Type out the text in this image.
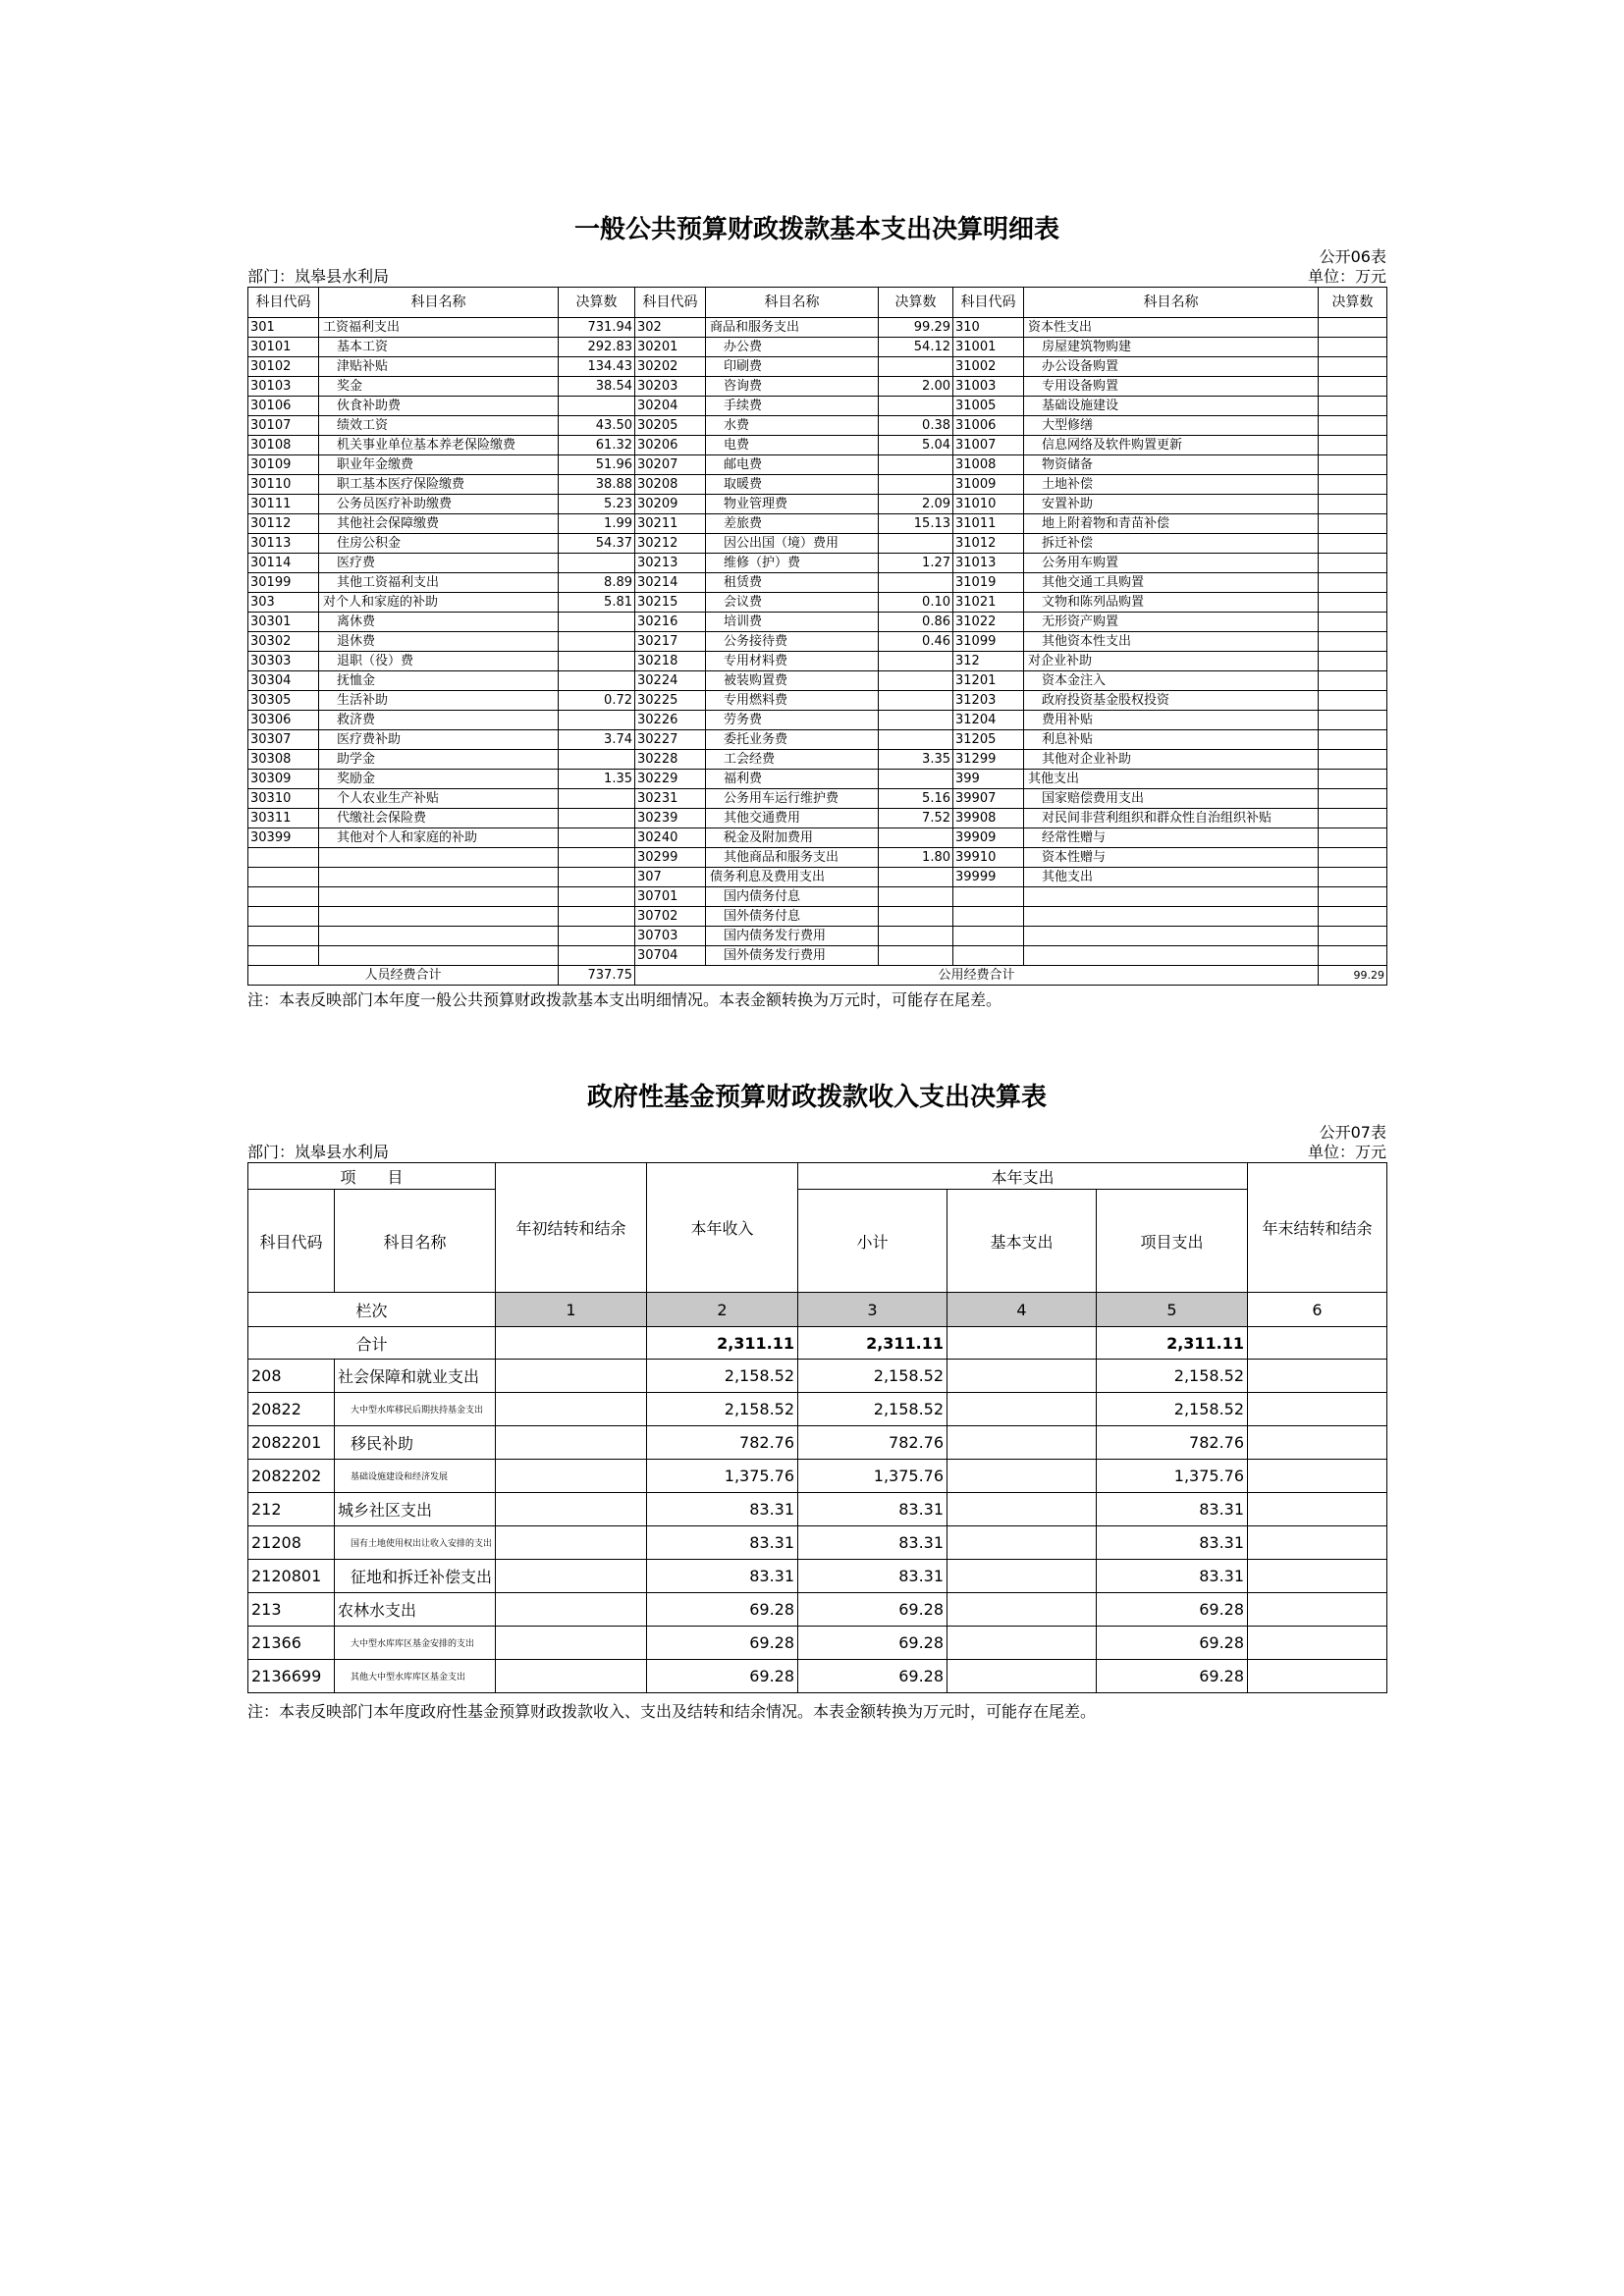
一般公共预算财政拨款基本支出决算明细表
公开06表
部门：岚皋县水利局	单位：万元
科目代码	科目名称	决算数	科目代码	科目名称	决算数	科目代码	科目名称	决算数
301	工资福利支出	731.94	302	商品和服务支出	99.29	310	资本性支出	
30101	基本工资	292.83	30201	办公费	54.12	31001	房屋建筑物购建	
30102	津贴补贴	134.43	30202	印刷费		31002	办公设备购置	
30103	奖金	38.54	30203	咨询费	2.00	31003	专用设备购置	
30106	伙食补助费		30204	手续费		31005	基础设施建设	
30107	绩效工资	43.50	30205	水费	0.38	31006	大型修缮	
30108	机关事业单位基本养老保险缴费	61.32	30206	电费	5.04	31007	信息网络及软件购置更新	
30109	职业年金缴费	51.96	30207	邮电费		31008	物资储备	
30110	职工基本医疗保险缴费	38.88	30208	取暖费		31009	土地补偿	
30111	公务员医疗补助缴费	5.23	30209	物业管理费	2.09	31010	安置补助	
30112	其他社会保障缴费	1.99	30211	差旅费	15.13	31011	地上附着物和青苗补偿	
30113	住房公积金	54.37	30212	因公出国（境）费用		31012	拆迁补偿	
30114	医疗费		30213	维修（护）费	1.27	31013	公务用车购置	
30199	其他工资福利支出	8.89	30214	租赁费		31019	其他交通工具购置	
303	对个人和家庭的补助	5.81	30215	会议费	0.10	31021	文物和陈列品购置	
30301	离休费		30216	培训费	0.86	31022	无形资产购置	
30302	退休费		30217	公务接待费	0.46	31099	其他资本性支出	
30303	退职（役）费		30218	专用材料费		312	对企业补助	
30304	抚恤金		30224	被装购置费		31201	资本金注入	
30305	生活补助	0.72	30225	专用燃料费		31203	政府投资基金股权投资	
30306	救济费		30226	劳务费		31204	费用补贴	
30307	医疗费补助	3.74	30227	委托业务费		31205	利息补贴	
30308	助学金		30228	工会经费	3.35	31299	其他对企业补助	
30309	奖励金	1.35	30229	福利费		399	其他支出	
30310	个人农业生产补贴		30231	公务用车运行维护费	5.16	39907	国家赔偿费用支出	
30311	代缴社会保险费		30239	其他交通费用	7.52	39908	对民间非营利组织和群众性自治组织补贴	
30399	其他对个人和家庭的补助		30240	税金及附加费用		39909	经常性赠与	
			30299	其他商品和服务支出	1.80	39910	资本性赠与	
			307	债务利息及费用支出		39999	其他支出	
			30701	国内债务付息				
			30702	国外债务付息				
			30703	国内债务发行费用				
			30704	国外债务发行费用				
人员经费合计		737.75	公用经费合计					99.29
注：本表反映部门本年度一般公共预算财政拨款基本支出明细情况。本表金额转换为万元时，可能存在尾差。
政府性基金预算财政拨款收入支出决算表
公开07表
部门：岚皋县水利局	单位：万元
项　　目		年初结转和结余	本年收入	本年支出			年末结转和结余
科目代码	科目名称			小计	基本支出	项目支出	
栏次		1	2	3	4	5	6
合计			2,311.11	2,311.11		2,311.11	
208	社会保障和就业支出		2,158.52	2,158.52		2,158.52	
20822	大中型水库移民后期扶持基金支出		2,158.52	2,158.52		2,158.52	
2082201	移民补助		782.76	782.76		782.76	
2082202	基础设施建设和经济发展		1,375.76	1,375.76		1,375.76	
212	城乡社区支出		83.31	83.31		83.31	
21208	国有土地使用权出让收入安排的支出		83.31	83.31		83.31	
2120801	征地和拆迁补偿支出		83.31	83.31		83.31	
213	农林水支出		69.28	69.28		69.28	
21366	大中型水库库区基金安排的支出		69.28	69.28		69.28	
2136699	其他大中型水库库区基金支出		69.28	69.28		69.28	
注：本表反映部门本年度政府性基金预算财政拨款收入、支出及结转和结余情况。本表金额转换为万元时，可能存在尾差。
